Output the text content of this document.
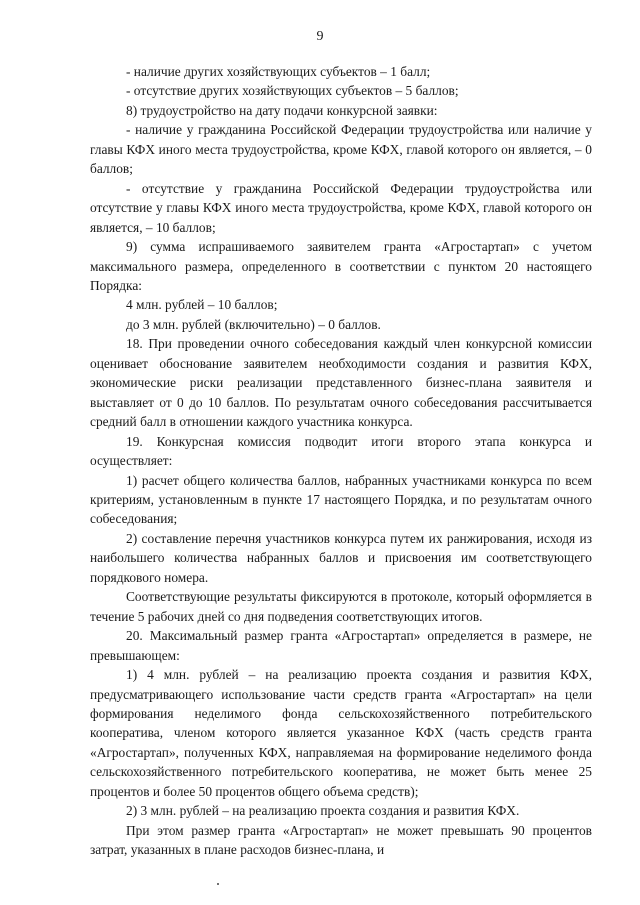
9

- наличие других хозяйствующих субъектов – 1 балл;

- отсутствие других хозяйствующих субъектов – 5 баллов;

8) трудоустройство на дату подачи конкурсной заявки:

- наличие у гражданина Российской Федерации трудоустройства или наличие у главы КФХ иного места трудоустройства, кроме КФХ, главой которого он является, – 0 баллов;

- отсутствие у гражданина Российской Федерации трудоустройства или отсутствие у главы КФХ иного места трудоустройства, кроме КФХ, главой которого он является, – 10 баллов;

9) сумма испрашиваемого заявителем гранта «Агростартап» с учетом максимального размера, определенного в соответствии с пунктом 20 настоящего Порядка:

4 млн. рублей – 10 баллов;

до 3 млн. рублей (включительно) – 0 баллов.

18. При проведении очного собеседования каждый член конкурсной комиссии оценивает обоснование заявителем необходимости создания и развития КФХ, экономические риски реализации представленного бизнес-плана заявителя и выставляет от 0 до 10 баллов. По результатам очного собеседования рассчитывается средний балл в отношении каждого участника конкурса.

19. Конкурсная комиссия подводит итоги второго этапа конкурса и осуществляет:

1) расчет общего количества баллов, набранных участниками конкурса по всем критериям, установленным в пункте 17 настоящего Порядка, и по результатам очного собеседования;

2) составление перечня участников конкурса путем их ранжирования, исходя из наибольшего количества набранных баллов и присвоения им соответствующего порядкового номера.

Соответствующие результаты фиксируются в протоколе, который оформляется в течение 5 рабочих дней со дня подведения соответствующих итогов.

20. Максимальный размер гранта «Агростартап» определяется в размере, не превышающем:

1) 4 млн. рублей – на реализацию проекта создания и развития КФХ, предусматривающего использование части средств гранта «Агростартап» на цели формирования неделимого фонда сельскохозяйственного потребительского кооператива, членом которого является указанное КФХ (часть средств гранта «Агростартап», полученных КФХ, направляемая на формирование неделимого фонда сельскохозяйственного потребительского кооператива, не может быть менее 25 процентов и более 50 процентов общего объема средств);

2) 3 млн. рублей – на реализацию проекта создания и развития КФХ.

При этом размер гранта «Агростартап» не может превышать 90 процентов затрат, указанных в плане расходов бизнес-плана, и
